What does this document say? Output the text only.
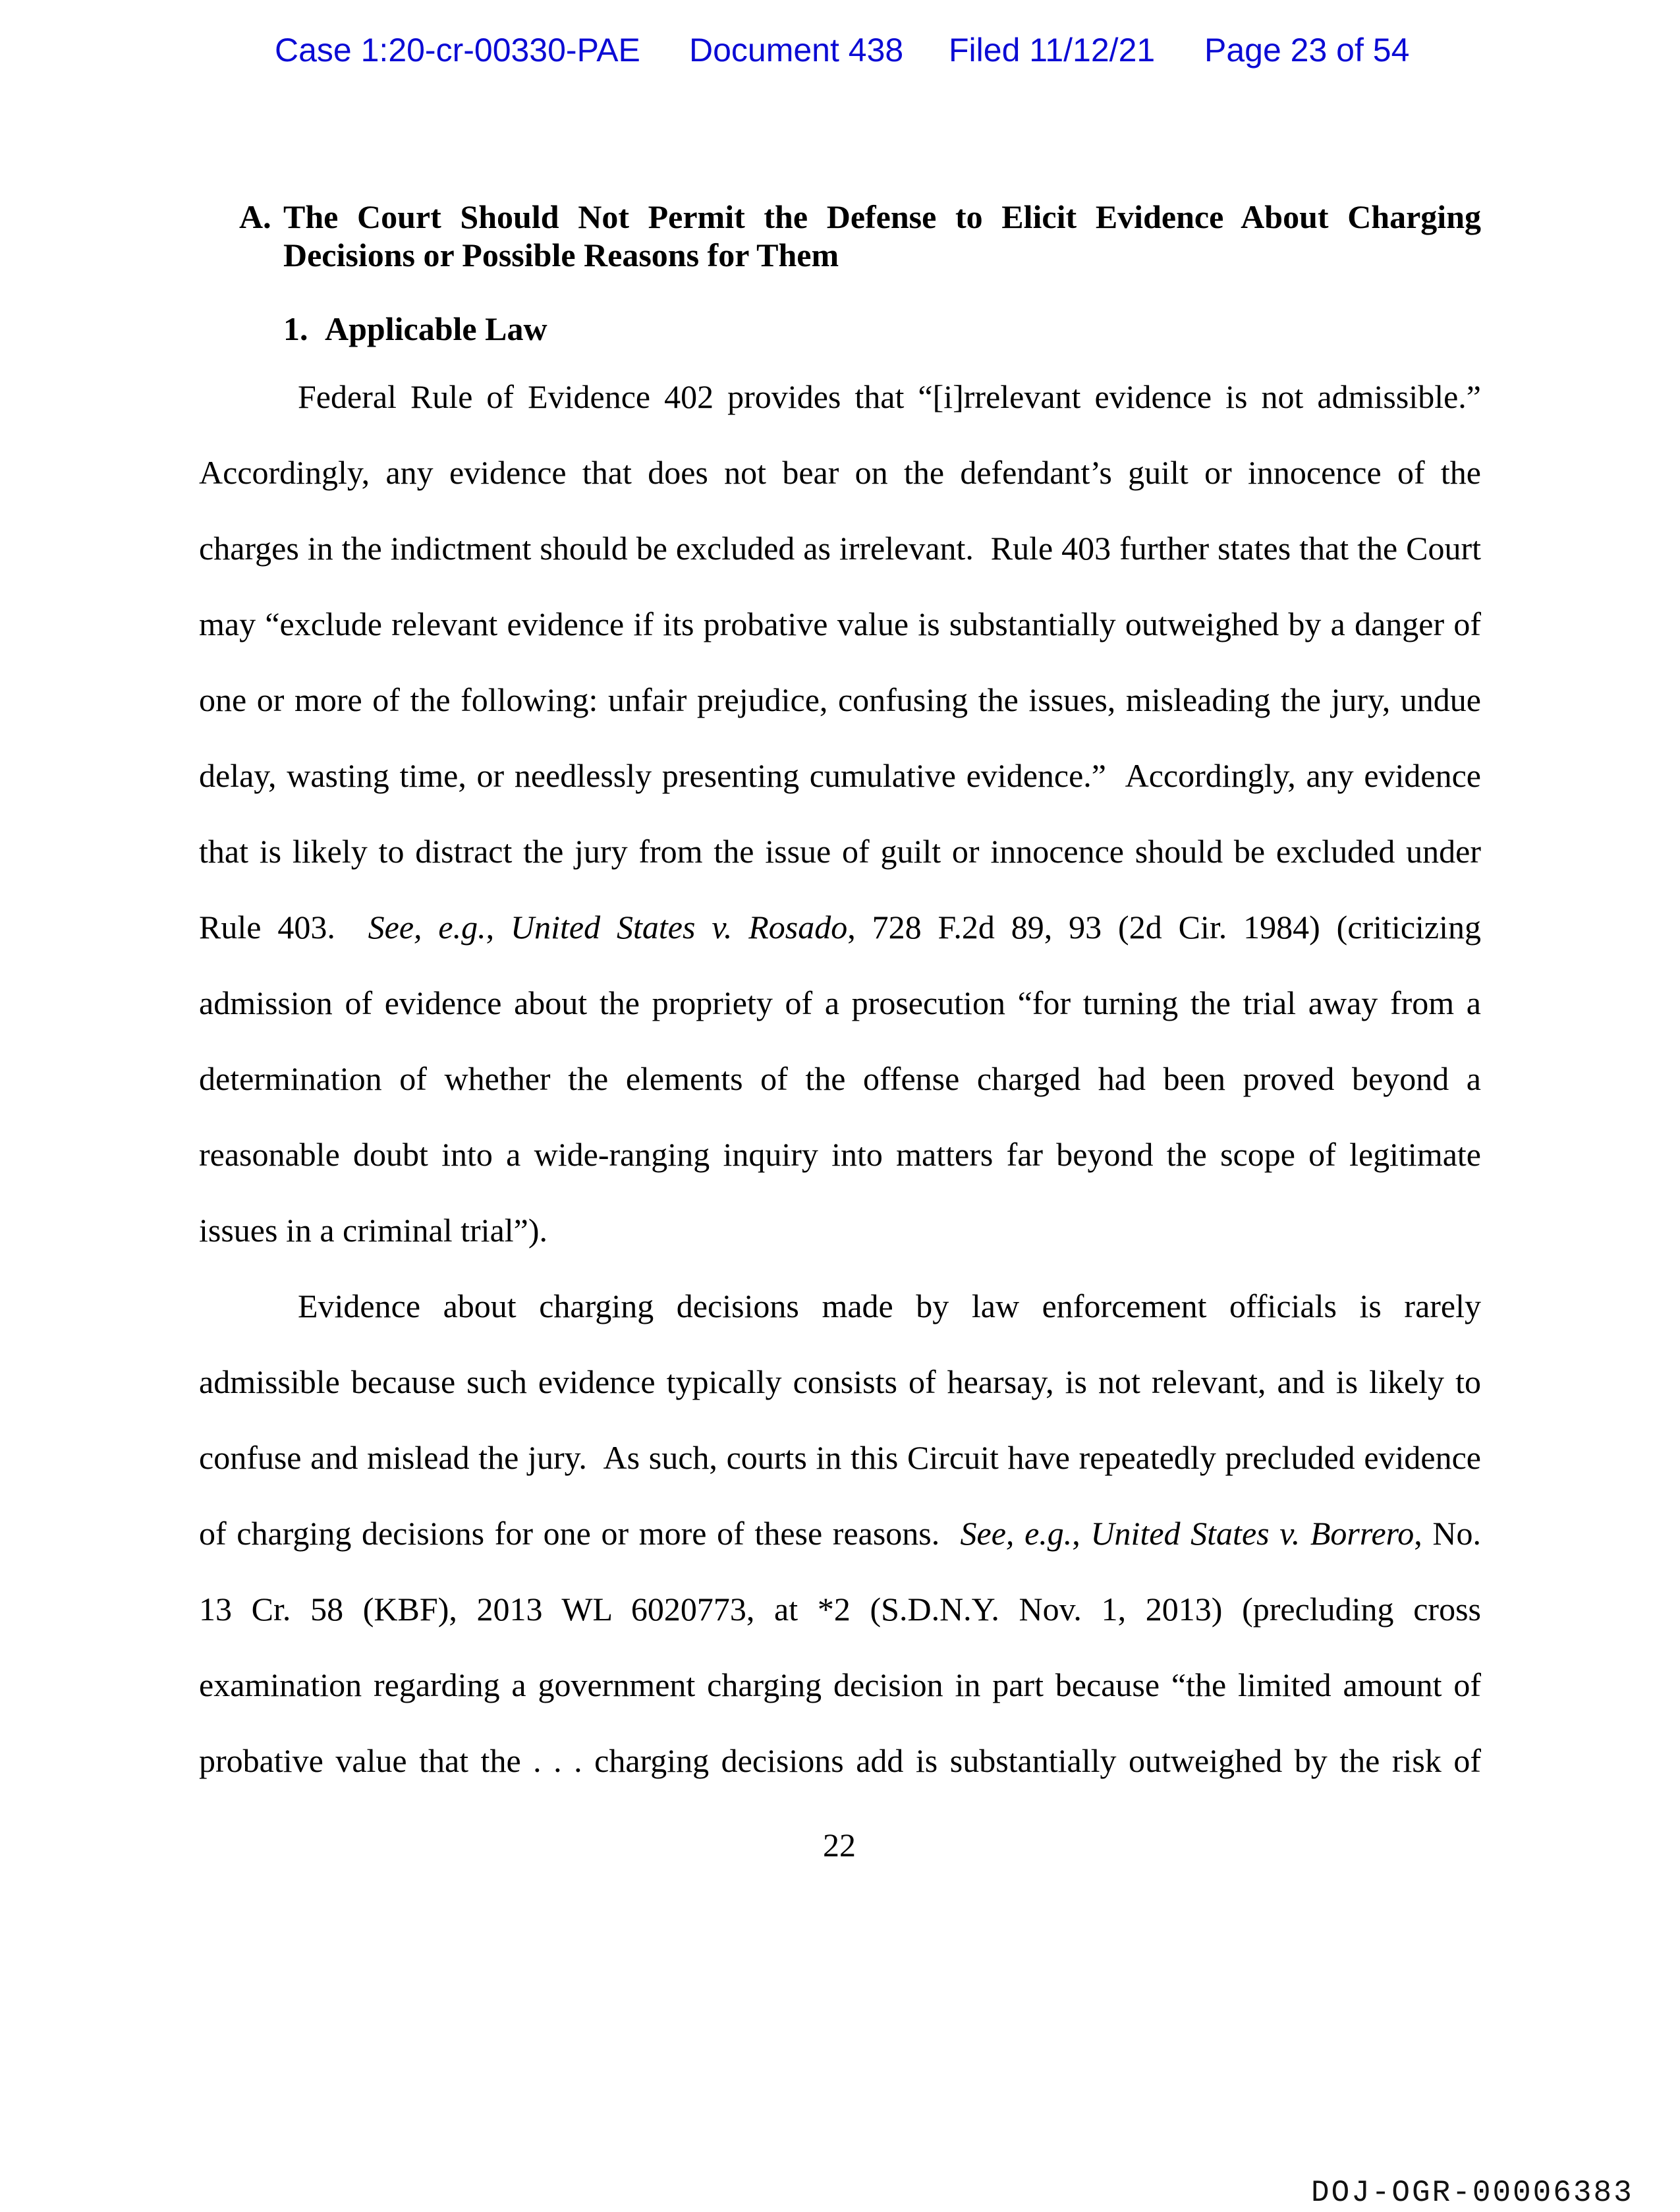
Case 1:20-cr-00330-PAE Document 438 Filed 11/12/21 Page 23 of 54
A. The Court Should Not Permit the Defense to Elicit Evidence About Charging
Decisions or Possible Reasons for Them
1. Applicable Law
Federal Rule of Evidence 402 provides that “[i]rrelevant evidence is not admissible.”
Accordingly, any evidence that does not bear on the defendant’s guilt or innocence of the
charges in the indictment should be excluded as irrelevant.  Rule 403 further states that the Court
may “exclude relevant evidence if its probative value is substantially outweighed by a danger of
one or more of the following: unfair prejudice, confusing the issues, misleading the jury, undue
delay, wasting time, or needlessly presenting cumulative evidence.”  Accordingly, any evidence
that is likely to distract the jury from the issue of guilt or innocence should be excluded under
Rule 403.  See, e.g., United States v. Rosado, 728 F.2d 89, 93 (2d Cir. 1984) (criticizing
admission of evidence about the propriety of a prosecution “for turning the trial away from a
determination of whether the elements of the offense charged had been proved beyond a
reasonable doubt into a wide-ranging inquiry into matters far beyond the scope of legitimate
issues in a criminal trial”).
Evidence about charging decisions made by law enforcement officials is rarely
admissible because such evidence typically consists of hearsay, is not relevant, and is likely to
confuse and mislead the jury.  As such, courts in this Circuit have repeatedly precluded evidence
of charging decisions for one or more of these reasons.  See, e.g., United States v. Borrero, No.
13 Cr. 58 (KBF), 2013 WL 6020773, at *2 (S.D.N.Y. Nov. 1, 2013) (precluding cross
examination regarding a government charging decision in part because “the limited amount of
probative value that the . . . charging decisions add is substantially outweighed by the risk of
22
DOJ-OGR-00006383
